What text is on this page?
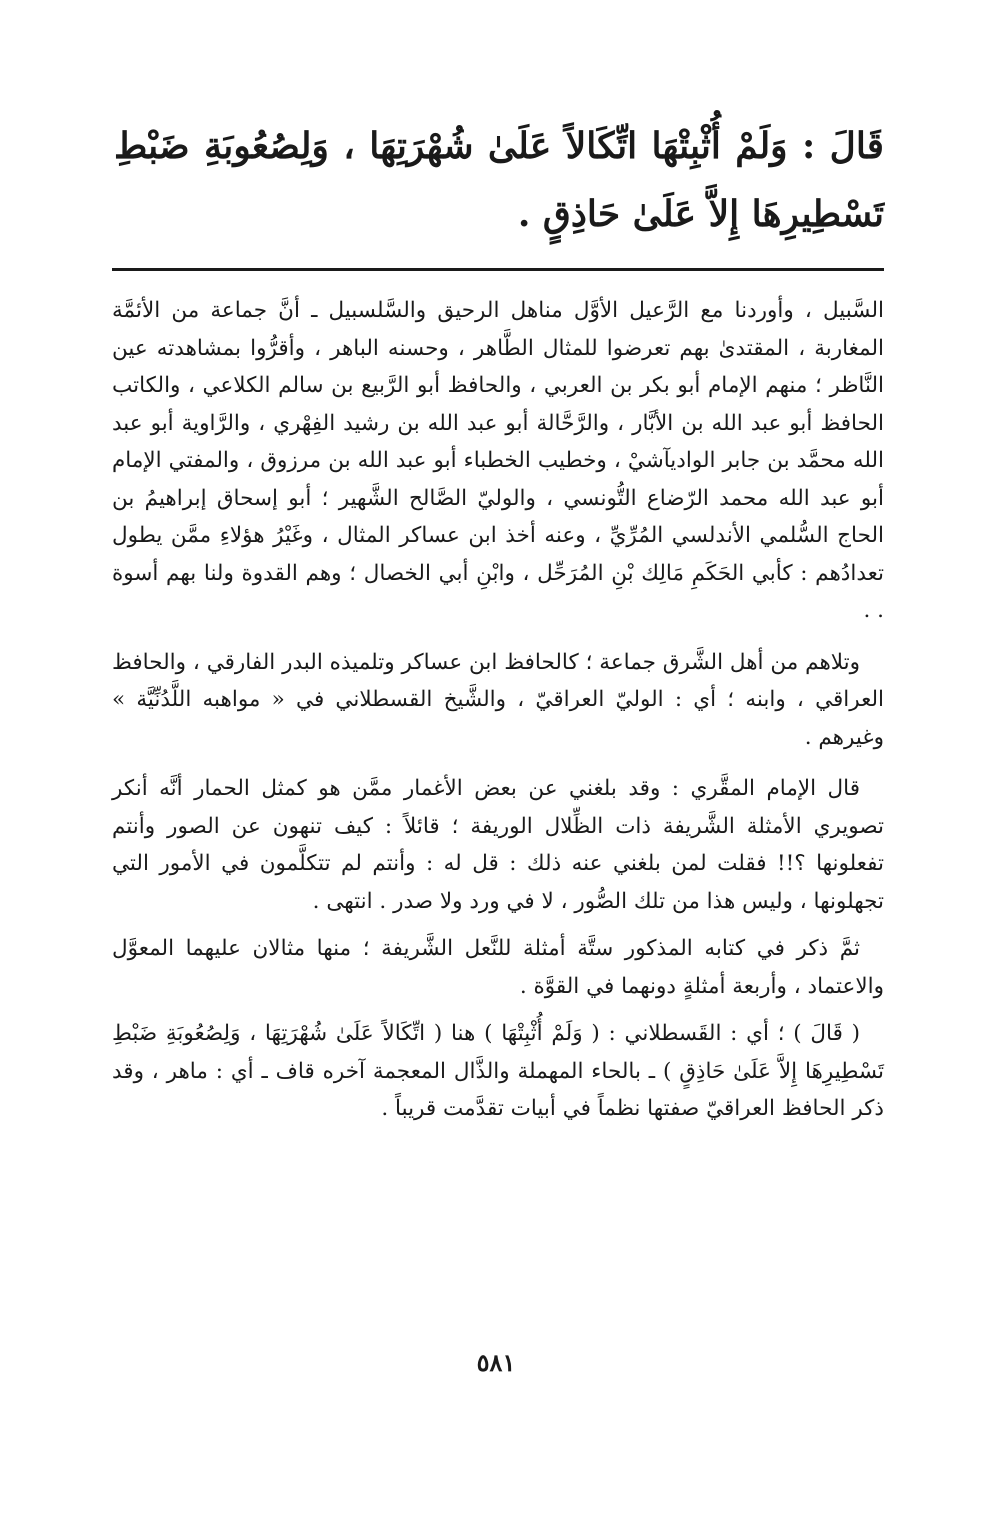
قَالَ : وَلَمْ أُثْبِتْهَا اتِّكَالاً عَلَىٰ شُهْرَتِهَا ، وَلِصُعُوبَةِ ضَبْطِ تَسْطِيرِهَا إِلاَّ عَلَىٰ حَاذِقٍ .

السَّبيل ، وأوردنا مع الرَّعيل الأوَّل مناهل الرحيق والسَّلسبيل ـ أنَّ جماعة من الأئمَّة المغاربة ، المقتدىٰ بهم تعرضوا للمثال الطَّاهر ، وحسنه الباهر ، وأقرُّوا بمشاهدته عين النَّاظر ؛ منهم الإمام أبو بكر بن العربي ، والحافظ أبو الرَّبيع بن سالم الكلاعي ، والكاتب الحافظ أبو عبد الله بن الأبَّار ، والرَّحَّالة أبو عبد الله بن رشيد الفِهْري ، والرَّاوية أبو عبد الله محمَّد بن جابر الواديآشيْ ، وخطيب الخطباء أبو عبد الله بن مرزوق ، والمفتي الإمام أبو عبد الله محمد الرّضاع التُّونسي ، والوليّ الصَّالح الشَّهير ؛ أبو إسحاق إبراهيمُ بن الحاج السُّلمي الأندلسي المُرِّيِّ ، وعنه أخذ ابن عساكر المثال ، وغَيْرُ هؤلاءِ ممَّن يطول تعدادُهم : كأبي الحَكَمِ مَالِك بْنِ المُرَحِّل ، وابْنِ أبي الخصال ؛ وهم القدوة ولنا بهم أسوة . .

وتلاهم من أهل الشَّرق جماعة ؛ كالحافظ ابن عساكر وتلميذه البدر الفارقي ، والحافظ العراقي ، وابنه ؛ أي : الوليّ العراقيّ ، والشَّيخ القسطلاني في « مواهبه اللَّدُنِّيَّة » وغيرهم .

قال الإمام المقَّري : وقد بلغني عن بعض الأغمار ممَّن هو كمثل الحمار أنَّه أنكر تصويري الأمثلة الشَّريفة ذات الظِّلال الوريفة ؛ قائلاً : كيف تنهون عن الصور وأنتم تفعلونها ؟!! فقلت لمن بلغني عنه ذلك : قل له : وأنتم لم تتكلَّمون في الأمور التي تجهلونها ، وليس هذا من تلك الصُّور ، لا في ورد ولا صدر . انتهى .

ثمَّ ذكر في كتابه المذكور ستَّة أمثلة للنَّعل الشَّريفة ؛ منها مثالان عليهما المعوَّل والاعتماد ، وأربعة أمثلةٍ دونهما في القوَّة .

( قَالَ ) ؛ أي : القَسطلاني : ( وَلَمْ أُثْبِتْهَا ) هنا ( اتِّكَالاً عَلَىٰ شُهْرَتِهَا ، وَلِصُعُوبَةِ ضَبْطِ تَسْطِيرِهَا إِلاَّ عَلَىٰ حَاذِقٍ ) ـ بالحاء المهملة والذَّال المعجمة آخره قاف ـ أي : ماهر ، وقد ذكر الحافظ العراقيّ صفتها نظماً في أبيات تقدَّمت قريباً .

٥٨١
